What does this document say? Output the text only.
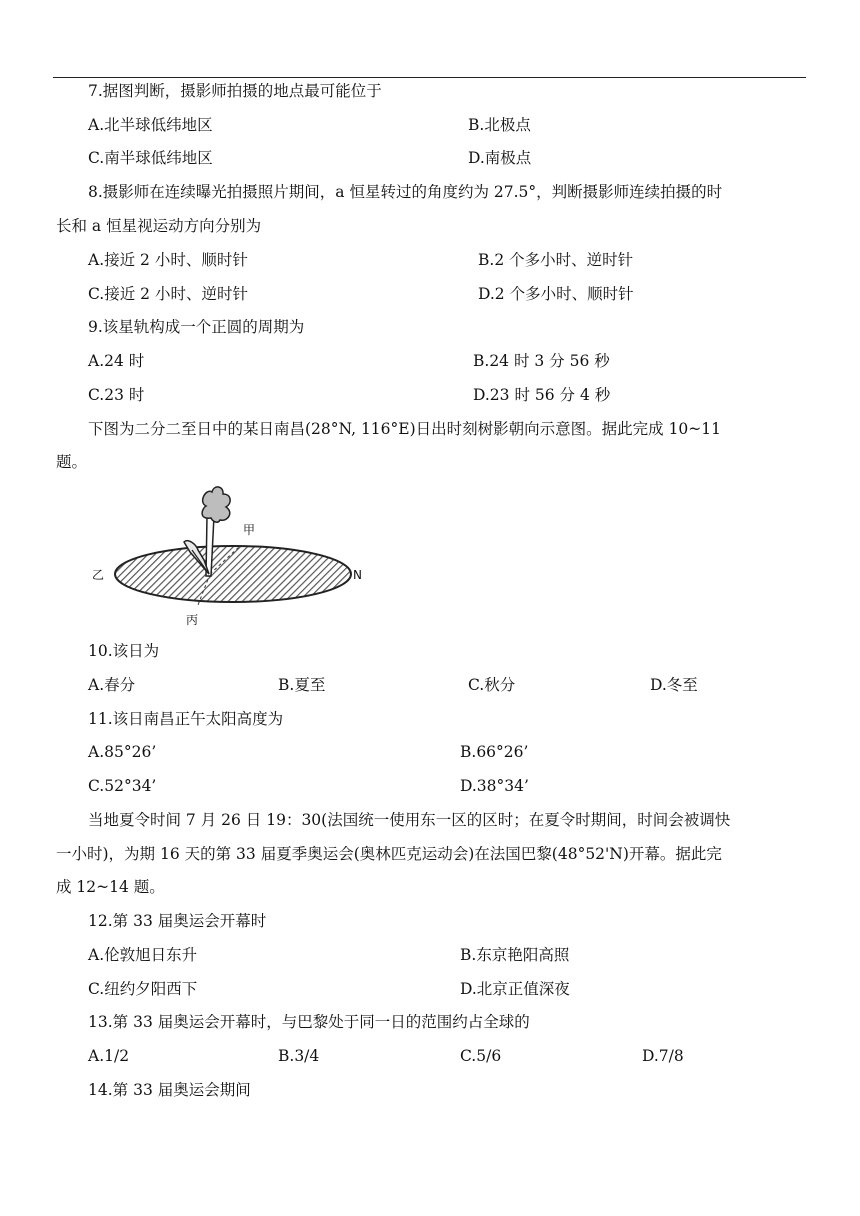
7.据图判断，摄影师拍摄的地点最可能位于
A.北半球低纬地区	B.北极点
C.南半球低纬地区	D.南极点
8.摄影师在连续曝光拍摄照片期间，a 恒星转过的角度约为 27.5°，判断摄影师连续拍摄的时
长和 a 恒星视运动方向分别为
A.接近 2 小时、顺时针	B.2 个多小时、逆时针
C.接近 2 小时、逆时针	D.2 个多小时、顺时针
9.该星轨构成一个正圆的周期为
A.24 时	B.24 时 3 分 56 秒
C.23 时	D.23 时 56 分 4 秒
下图为二分二至日中的某日南昌(28°N, 116°E)日出时刻树影朝向示意图。据此完成 10~11
题。
甲
乙
丙
N
10.该日为
A.春分	B.夏至	C.秋分	D.冬至
11.该日南昌正午太阳高度为
A.85°26’	B.66°26’
C.52°34’	D.38°34’
当地夏令时间 7 月 26 日 19：30(法国统一使用东一区的区时；在夏令时期间，时间会被调快
一小时)，为期 16 天的第 33 届夏季奥运会(奥林匹克运动会)在法国巴黎(48°52'N)开幕。据此完
成 12~14 题。
12.第 33 届奥运会开幕时
A.伦敦旭日东升	B.东京艳阳高照
C.纽约夕阳西下	D.北京正值深夜
13.第 33 届奥运会开幕时，与巴黎处于同一日的范围约占全球的
A.1/2	B.3/4	C.5/6	D.7/8
14.第 33 届奥运会期间
